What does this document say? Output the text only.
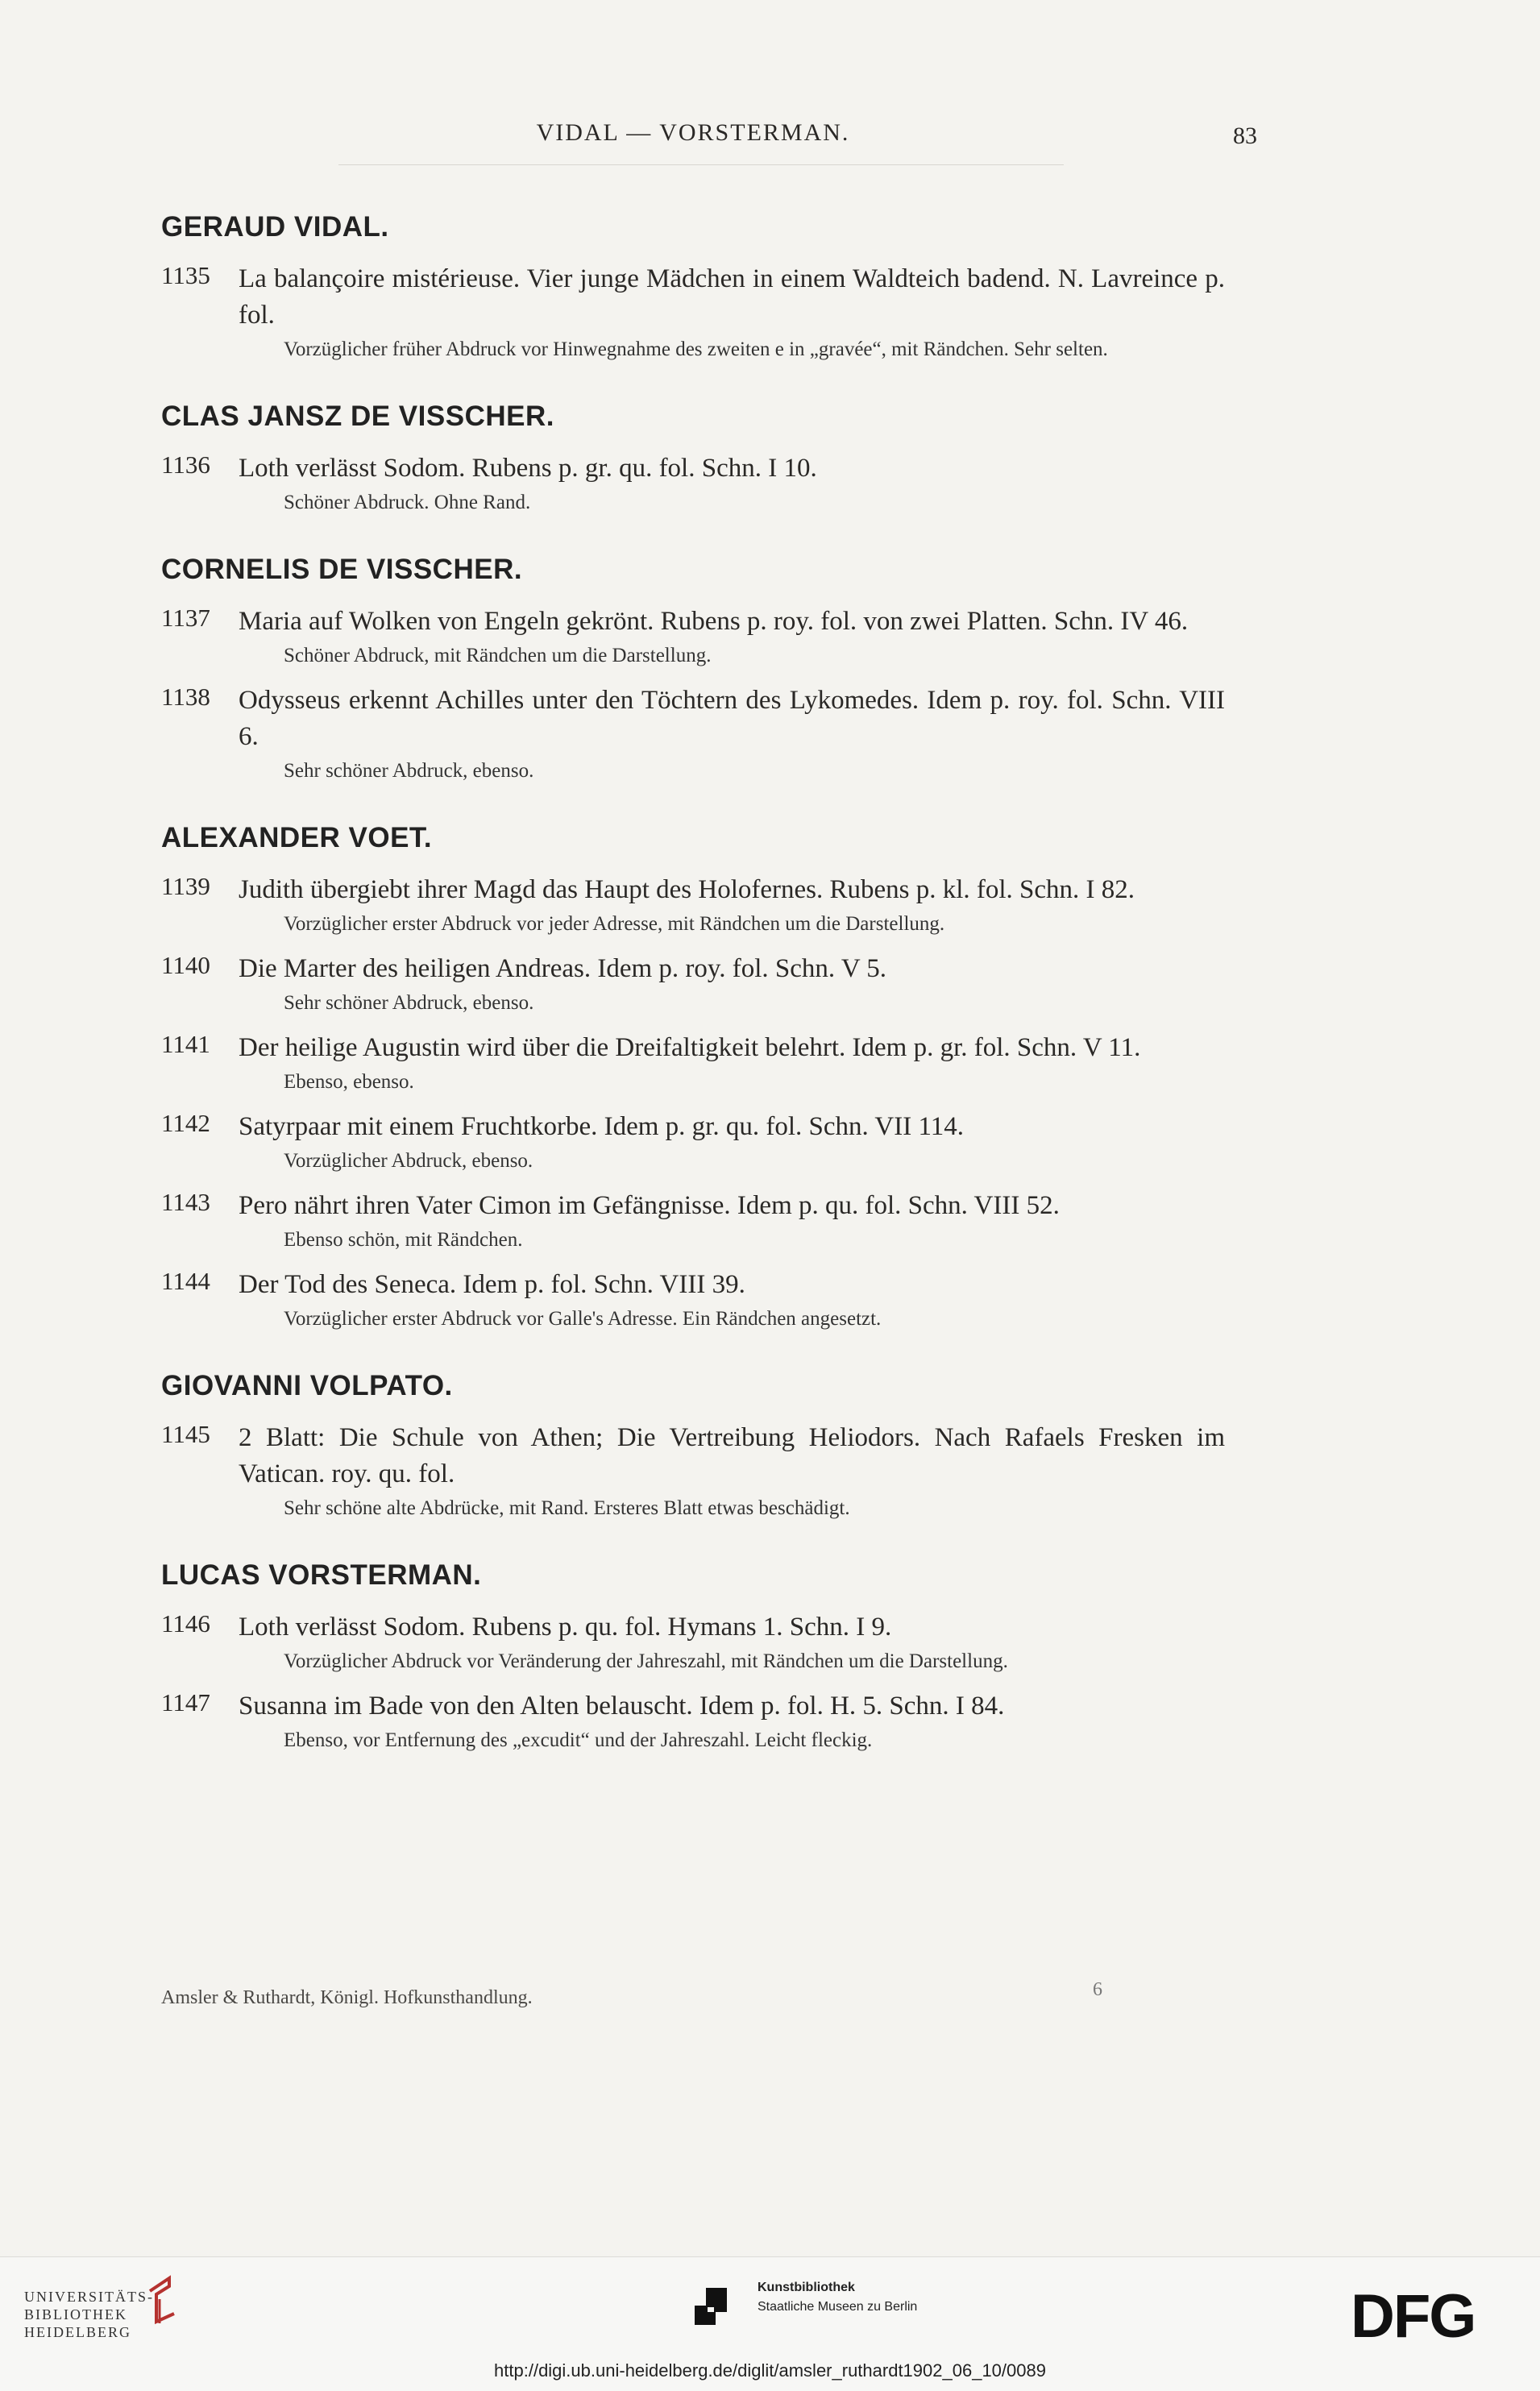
VIDAL — VORSTERMAN.	83
GERAUD VIDAL.
1135 La balançoire mistérieuse. Vier junge Mädchen in einem Waldteich badend. N. Lavreince p. fol.
Vorzüglicher früher Abdruck vor Hinwegnahme des zweiten e in „gravée“, mit Rändchen. Sehr selten.
CLAS JANSZ DE VISSCHER.
1136 Loth verlässt Sodom. Rubens p. gr. qu. fol. Schn. I 10.
Schöner Abdruck. Ohne Rand.
CORNELIS DE VISSCHER.
1137 Maria auf Wolken von Engeln gekrönt. Rubens p. roy. fol. von zwei Platten. Schn. IV 46.
Schöner Abdruck, mit Rändchen um die Darstellung.
1138 Odysseus erkennt Achilles unter den Töchtern des Lykomedes. Idem p. roy. fol. Schn. VIII 6.
Sehr schöner Abdruck, ebenso.
ALEXANDER VOET.
1139 Judith übergiebt ihrer Magd das Haupt des Holofernes. Rubens p. kl. fol. Schn. I 82.
Vorzüglicher erster Abdruck vor jeder Adresse, mit Rändchen um die Darstellung.
1140 Die Marter des heiligen Andreas. Idem p. roy. fol. Schn. V 5.
Sehr schöner Abdruck, ebenso.
1141 Der heilige Augustin wird über die Dreifaltigkeit belehrt. Idem p. gr. fol. Schn. V 11.
Ebenso, ebenso.
1142 Satyrpaar mit einem Fruchtkorbe. Idem p. gr. qu. fol. Schn. VII 114.
Vorzüglicher Abdruck, ebenso.
1143 Pero nährt ihren Vater Cimon im Gefängnisse. Idem p. qu. fol. Schn. VIII 52.
Ebenso schön, mit Rändchen.
1144 Der Tod des Seneca. Idem p. fol. Schn. VIII 39.
Vorzüglicher erster Abdruck vor Galle's Adresse. Ein Rändchen angesetzt.
GIOVANNI VOLPATO.
1145 2 Blatt: Die Schule von Athen; Die Vertreibung Heliodors. Nach Rafaels Fresken im Vatican. roy. qu. fol.
Sehr schöne alte Abdrücke, mit Rand. Ersteres Blatt etwas beschädigt.
LUCAS VORSTERMAN.
1146 Loth verlässt Sodom. Rubens p. qu. fol. Hymans 1. Schn. I 9.
Vorzüglicher Abdruck vor Veränderung der Jahreszahl, mit Rändchen um die Darstellung.
1147 Susanna im Bade von den Alten belauscht. Idem p. fol. H. 5. Schn. I 84.
Ebenso, vor Entfernung des „excudit“ und der Jahreszahl. Leicht fleckig.
Amsler & Ruthardt, Königl. Hofkunsthandlung.	6
UNIVERSITÄTS-
BIBLIOTHEK
HEIDELBERG
Kunstbibliothek
Staatliche Museen zu Berlin	DFG
http://digi.ub.uni-heidelberg.de/diglit/amsler_ruthardt1902_06_10/0089
